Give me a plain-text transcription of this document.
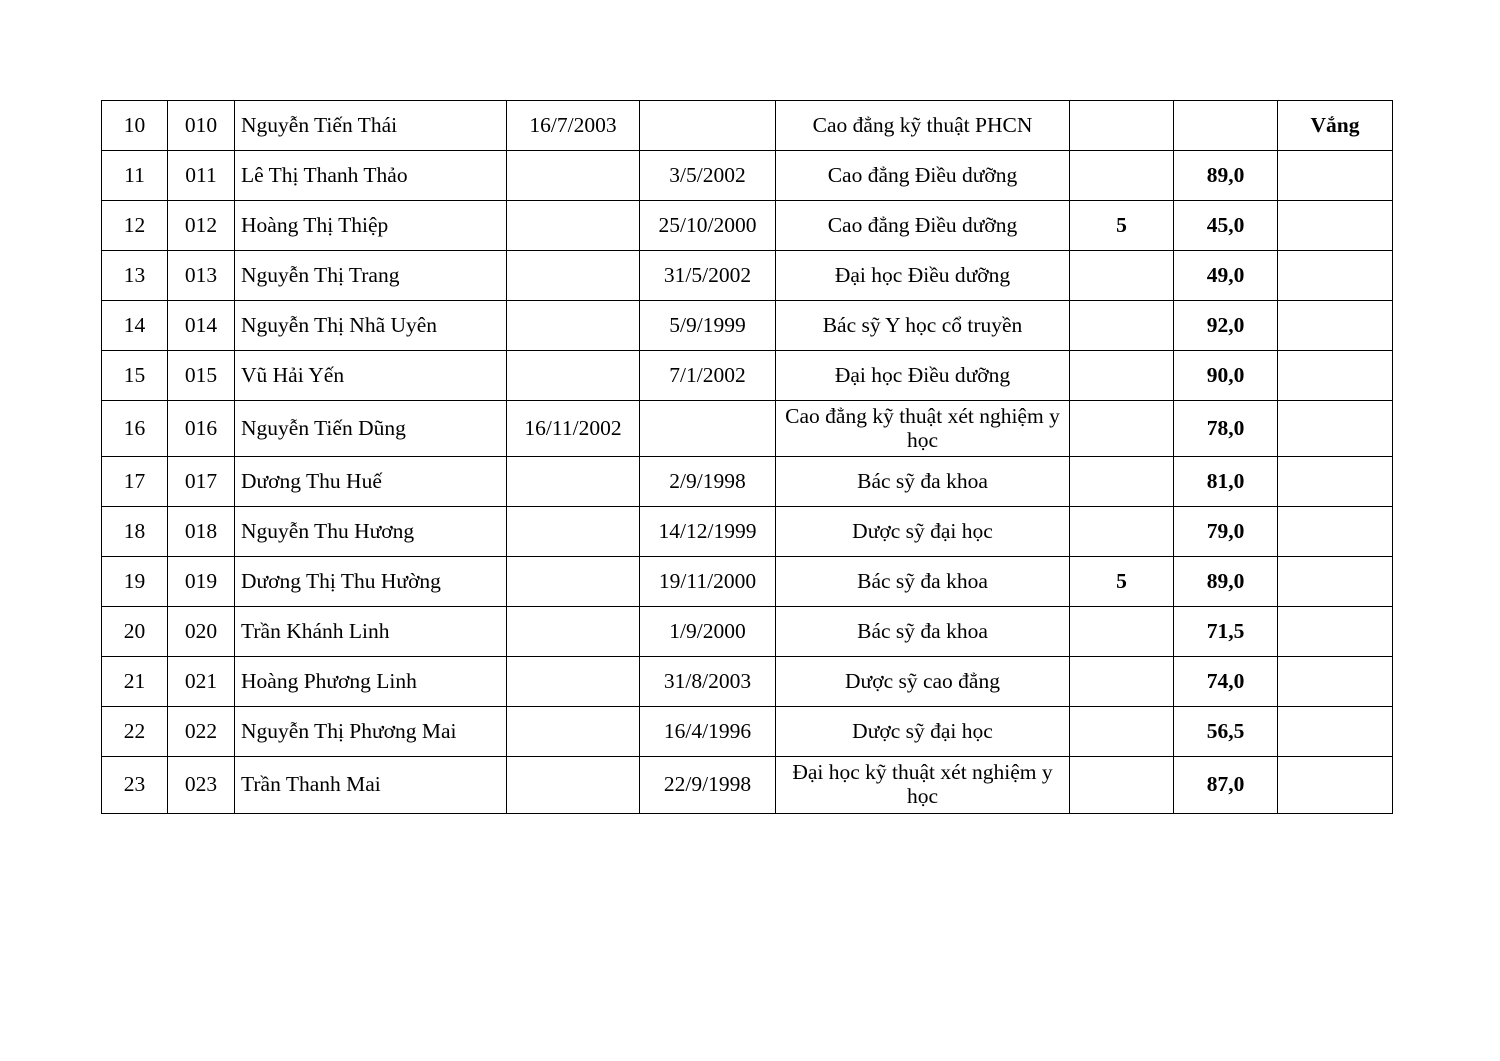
10	010	Nguyễn Tiến Thái	16/7/2003		Cao đẳng kỹ thuật PHCN			Vắng
11	011	Lê Thị Thanh Thảo		3/5/2002	Cao đẳng Điều dưỡng		89,0	
12	012	Hoàng Thị Thiệp		25/10/2000	Cao đẳng Điều dưỡng	5	45,0	
13	013	Nguyễn Thị Trang		31/5/2002	Đại học Điều dưỡng		49,0	
14	014	Nguyễn Thị Nhã Uyên		5/9/1999	Bác sỹ Y học cổ truyền		92,0	
15	015	Vũ Hải Yến		7/1/2002	Đại học Điều dưỡng		90,0	
16	016	Nguyễn Tiến Dũng	16/11/2002		Cao đẳng kỹ thuật xét nghiệm y học		78,0	
17	017	Dương Thu Huế		2/9/1998	Bác sỹ đa khoa		81,0	
18	018	Nguyễn Thu Hương		14/12/1999	Dược sỹ đại học		79,0	
19	019	Dương Thị Thu Hường		19/11/2000	Bác sỹ đa khoa	5	89,0	
20	020	Trần Khánh Linh		1/9/2000	Bác sỹ đa khoa		71,5	
21	021	Hoàng Phương Linh		31/8/2003	Dược sỹ cao đẳng		74,0	
22	022	Nguyễn Thị Phương Mai		16/4/1996	Dược sỹ đại học		56,5	
23	023	Trần Thanh Mai		22/9/1998	Đại học kỹ thuật xét nghiệm y học		87,0	
